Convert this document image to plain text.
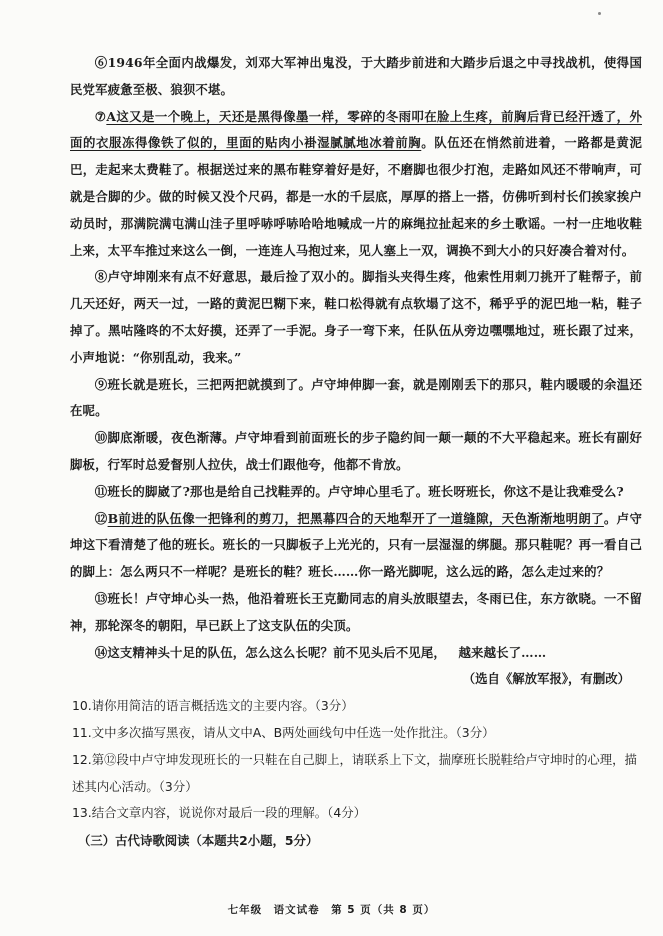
⑥1946年全面内战爆发，刘邓大军神出鬼没，于大踏步前进和大踏步后退之中寻找战机，使得国民党军疲惫至极、狼狈不堪。

⑦A这又是一个晚上，天还是黑得像墨一样，零碎的冬雨叩在脸上生疼，前胸后背已经汗透了，外面的衣服冻得像铁了似的，里面的贴肉小褂湿腻腻地冰着前胸。队伍还在悄然前进着，一路都是黄泥巴，走起来太费鞋了。根据送过来的黑布鞋穿着好是好，不磨脚也很少打泡，走路如风还不带响声，可就是合脚的少。做的时候又没个尺码，都是一水的千层底，厚厚的搭上一搭，仿佛听到村长们挨家挨户动员时，那满院满屯满山洼子里呼哧呼哧哈哈地喊成一片的麻绳拉扯起来的乡土歌谣。一村一庄地收鞋上来，太平车推过来这么一倒，一连连人马抱过来，见人塞上一双，调换不到大小的只好凑合着对付。

⑧卢守坤刚来有点不好意思，最后捡了双小的。脚指头夹得生疼，他索性用刺刀挑开了鞋帮子，前几天还好，两天一过，一路的黄泥巴糊下来，鞋口松得就有点软塌了这不，稀乎乎的泥巴地一粘，鞋子掉了。黑咕隆咚的不太好摸，还弄了一手泥。身子一弯下来，任队伍从旁边嘿嘿地过，班长跟了过来，小声地说：“你别乱动，我来。”

⑨班长就是班长，三把两把就摸到了。卢守坤伸脚一套，就是刚刚丢下的那只，鞋内暖暖的余温还在呢。

⑩脚底渐暖，夜色渐薄。卢守坤看到前面班长的步子隐约间一颠一颠的不大平稳起来。班长有副好脚板，行军时总爱督别人拉伕，战士们跟他夸，他都不肯放。

⑪班长的脚崴了?那也是给自己找鞋弄的。卢守坤心里毛了。班长呀班长，你这不是让我难受么?

⑫B前进的队伍像一把锋利的剪刀，把黑幕四合的天地犁开了一道缝隙，天色渐渐地明朗了。卢守坤这下看清楚了他的班长。班长的一只脚板子上光光的，只有一层湿湿的绑腿。那只鞋呢？再一看自己的脚上：怎么两只不一样呢？是班长的鞋？班长……你一路光脚呢，这么远的路，怎么走过来的？

⑬班长！卢守坤心头一热，他沿着班长王克勤同志的肩头放眼望去，冬雨已住，东方欲晓。一不留神，那轮深冬的朝阳，早已跃上了这支队伍的尖顶。

⑭这支精神头十足的队伍，怎么这么长呢？前不见头后不见尾，  越来越长了……

（选自《解放军报》，有删改）

10.请你用简洁的语言概括选文的主要内容。（3分）

11.文中多次描写黑夜，请从文中A、B两处画线句中任选一处作批注。（3分）

12.第⑫段中卢守坤发现班长的一只鞋在自己脚上，请联系上下文，揣摩班长脱鞋给卢守坤时的心理，描述其内心活动。（3分）

13.结合文章内容，说说你对最后一段的理解。（4分）

（三）古代诗歌阅读（本题共2小题，5分）
七年级　语文试卷　第 5 页（共 8 页）
